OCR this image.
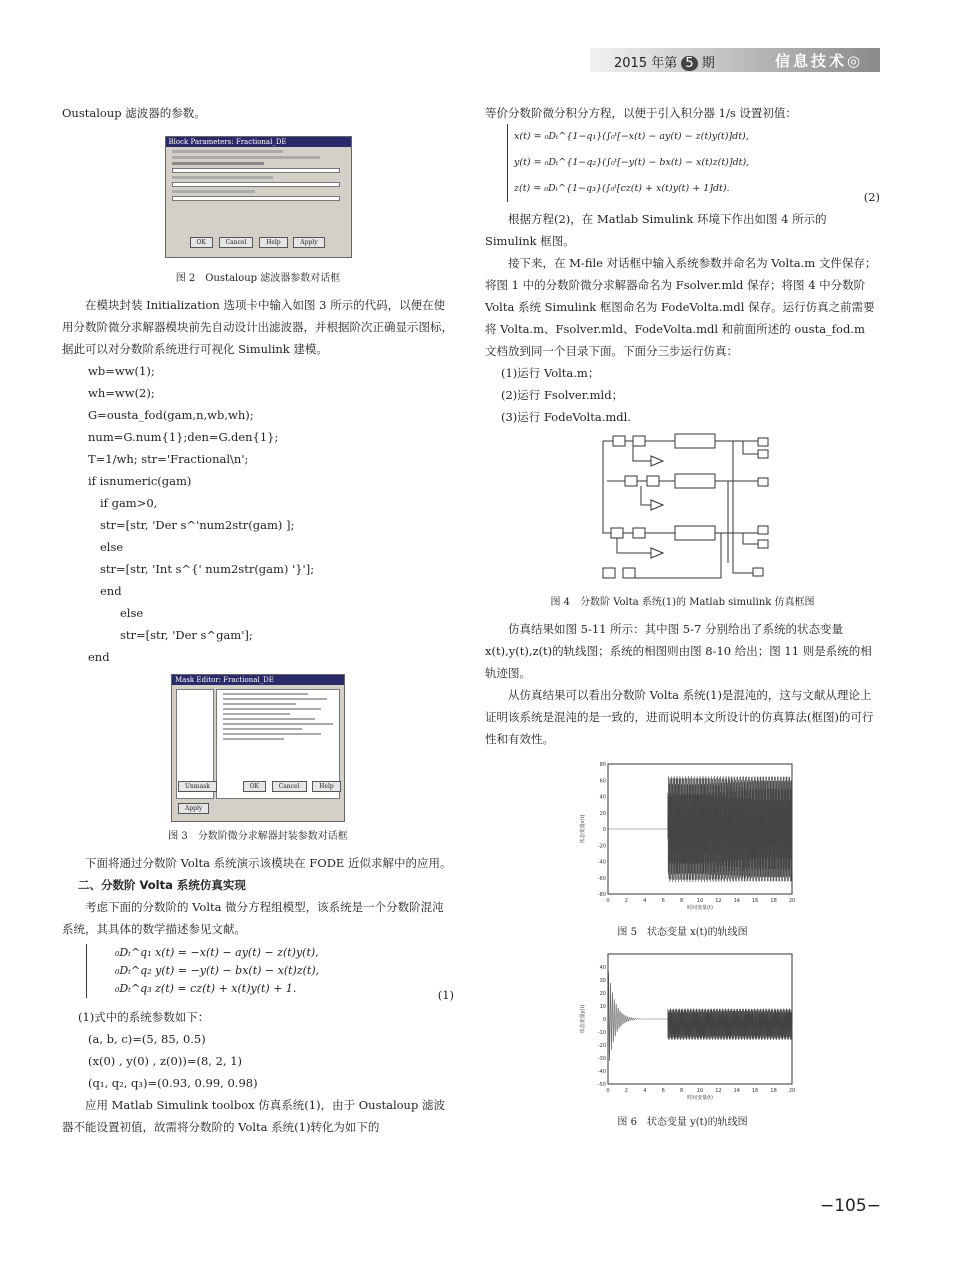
2015 年第 5 期	信息技术◎

Oustaloup 滤波器的参数。

Block Parameters: Fractional_DE
OK	Cancel	Help	Apply

图 2　Oustaloup 滤波器参数对话框

在模块封装 Initialization 选项卡中输入如图 3 所示的代码，以便在使用分数阶微分求解器模块前先自动设计出滤波器，并根据阶次正确显示图标，据此可以对分数阶系统进行可视化 Simulink 建模。

wb=ww(1);

wh=ww(2);

G=ousta_fod(gam,n,wb,wh);

num=G.num{1};den=G.den{1};

T=1/wh; str='Fractional\n';

if isnumeric(gam)

if gam>0,

str=[str, 'Der s^'num2str(gam) ];

else

str=[str, 'Int s^{' num2str(gam) '}'];

end

else

str=[str, 'Der s^gam'];

end

Mask Editor: Fractional_DE
Unmask	OK	Cancel	Help Apply

图 3　分数阶微分求解器封装参数对话框

下面将通过分数阶 Volta 系统演示该模块在 FODE 近似求解中的应用。

二、分数阶 Volta 系统仿真实现

考虑下面的分数阶的 Volta 微分方程组模型，该系统是一个分数阶混沌系统，其具体的数学描述参见文献。

₀Dₜ^q₁ x(t) = −x(t) − ay(t) − z(t)y(t),
₀Dₜ^q₂ y(t) = −y(t) − bx(t) − x(t)z(t),
₀Dₜ^q₃ z(t) = cz(t) + x(t)y(t) + 1.	(1)

(1)式中的系统参数如下：

(a, b, c)=(5, 85, 0.5)

(x(0) , y(0) , z(0))=(8, 2, 1)

(q₁, q₂, q₃)=(0.93, 0.99, 0.98)

应用 Matlab Simulink toolbox 仿真系统(1)，由于 Oustaloup 滤波器不能设置初值，故需将分数阶的 Volta 系统(1)转化为如下的

等价分数阶微分积分方程，以便于引入积分器 1/s 设置初值：

x(t) = ₀Dₜ^{1−q₁}(∫₀ᵗ[−x(t) − ay(t) − z(t)y(t)]dt),
y(t) = ₀Dₜ^{1−q₂}(∫₀ᵗ[−y(t) − bx(t) − x(t)z(t)]dt),
z(t) = ₀Dₜ^{1−q₃}(∫₀ᵗ[cz(t) + x(t)y(t) + 1]dt).
(2)

根据方程(2)，在 Matlab Simulink 环境下作出如图 4 所示的 Simulink 框图。

接下来，在 M-file 对话框中输入系统参数并命名为 Volta.m 文件保存；将图 1 中的分数阶微分求解器命名为 Fsolver.mld 保存；将图 4 中分数阶 Volta 系统 Simulink 框图命名为 FodeVolta.mdl 保存。运行仿真之前需要将 Volta.m、Fsolver.mld、FodeVolta.mdl 和前面所述的 ousta_fod.m 文档放到同一个目录下面。下面分三步运行仿真：

(1)运行 Volta.m；

(2)运行 Fsolver.mld；

(3)运行 FodeVolta.mdl.

图 4　分数阶 Volta 系统(1)的 Matlab simulink 仿真框图

仿真结果如图 5-11 所示：其中图 5-7 分别给出了系统的状态变量 x(t),y(t),z(t)的轨线图；系统的相图则由图 8-10 给出；图 11 则是系统的相轨迹图。

从仿真结果可以看出分数阶 Volta 系统(1)是混沌的，这与文献从理论上证明该系统是混沌的是一致的，进而说明本文所设计的仿真算法(框图)的可行性和有效性。

0	2	4	6	8	10 12 14 16 18 20
80
60
40
20
0
-20
-40
-60
-80
时间变量(t)
状态变量x(t)

图 5　状态变量 x(t)的轨线图

0	2	4	6	8	10 12 14 16 18 20
40
30
20
10
0
-10
-20
-30
-40
-50
时间变量(t)
状态变量y(t)

图 6　状态变量 y(t)的轨线图

−105−
